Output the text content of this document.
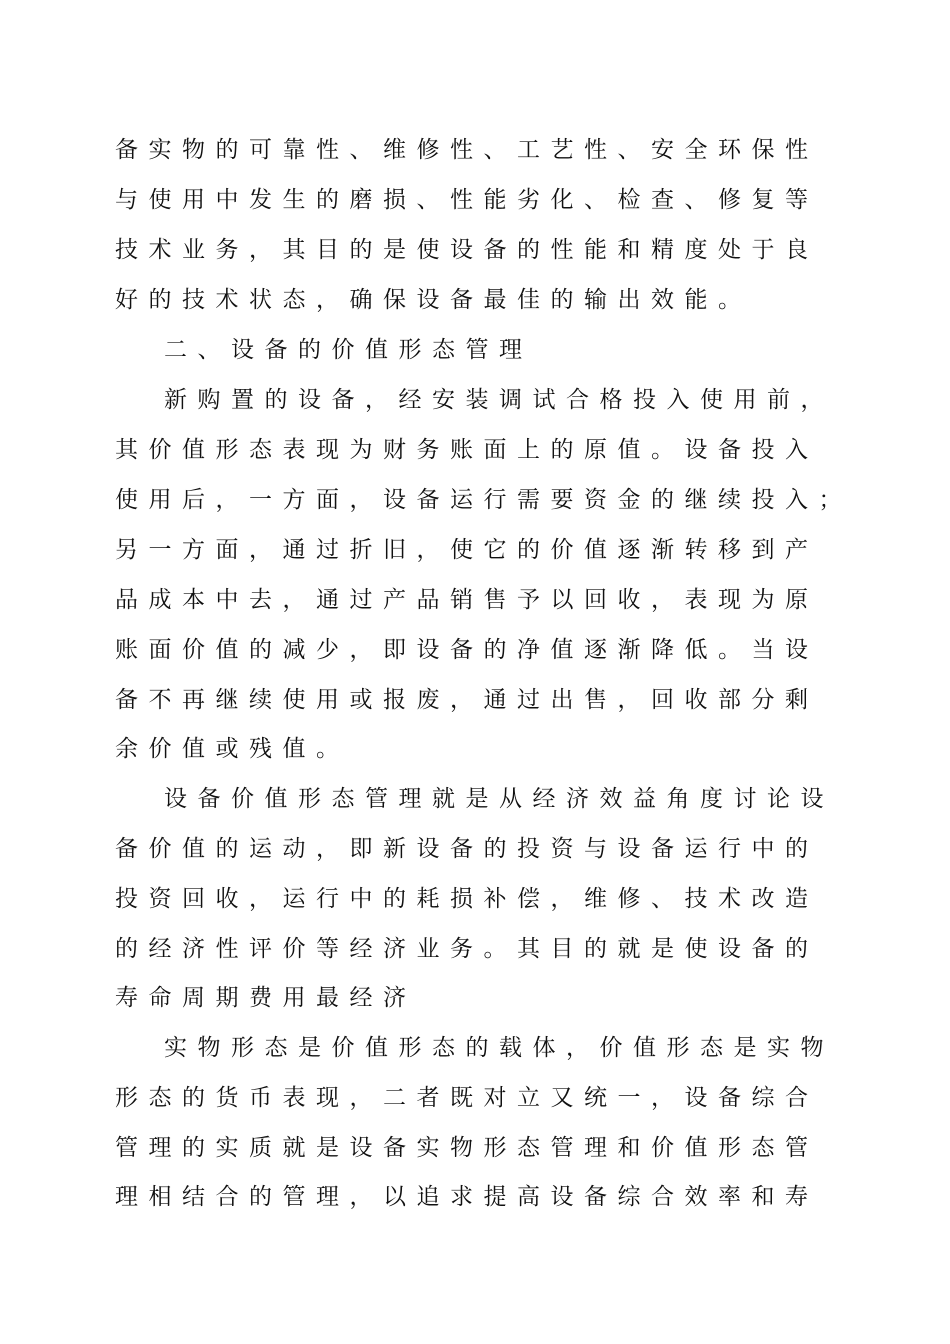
备实物的可靠性、维修性、工艺性、安全环保性
与使用中发生的磨损、性能劣化、检查、修复等
技术业务，其目的是使设备的性能和精度处于良
好的技术状态，确保设备最佳的输出效能。
二、设备的价值形态管理
新购置的设备，经安装调试合格投入使用前，
其价值形态表现为财务账面上的原值。设备投入
使用后，一方面，设备运行需要资金的继续投入；
另一方面，通过折旧，使它的价值逐渐转移到产
品成本中去，通过产品销售予以回收，表现为原
账面价值的减少，即设备的净值逐渐降低。当设
备不再继续使用或报废，通过出售，回收部分剩
余价值或残值。
设备价值形态管理就是从经济效益角度讨论设
备价值的运动，即新设备的投资与设备运行中的
投资回收，运行中的耗损补偿，维修、技术改造
的经济性评价等经济业务。其目的就是使设备的
寿命周期费用最经济
实物形态是价值形态的载体，价值形态是实物
形态的货币表现，二者既对立又统一，设备综合
管理的实质就是设备实物形态管理和价值形态管
理相结合的管理，以追求提高设备综合效率和寿
